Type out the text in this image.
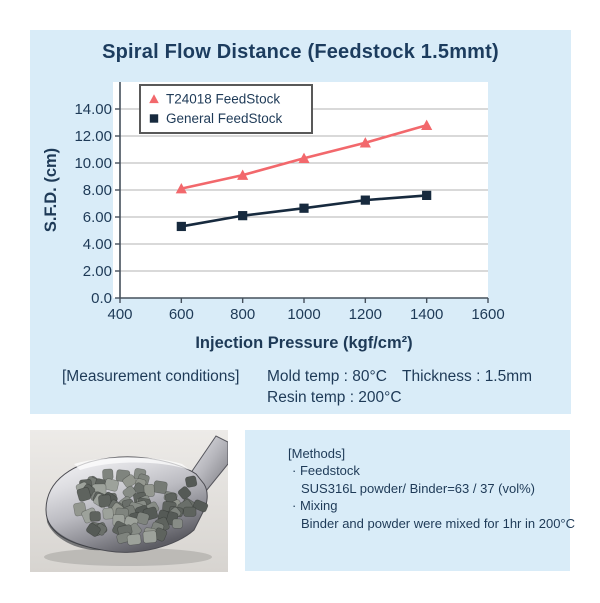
Spiral Flow Distance (Feedstock 1.5mmt)
14.00
12.00
10.00
8.00
6.00
4.00
2.00
0.0
400 600 800 1000 1200 1400 1600
S.F.D. (cm)
Injection Pressure (kgf/cm²)
T24018 FeedStock
General FeedStock
[Measurement conditions] Mold temp : 80°C Thickness : 1.5mm
Resin temp : 200°C
[Methods]
· Feedstock
SUS316L powder/ Binder=63 / 37 (vol%)
· Mixing
Binder and powder were mixed for 1hr in 200°C
